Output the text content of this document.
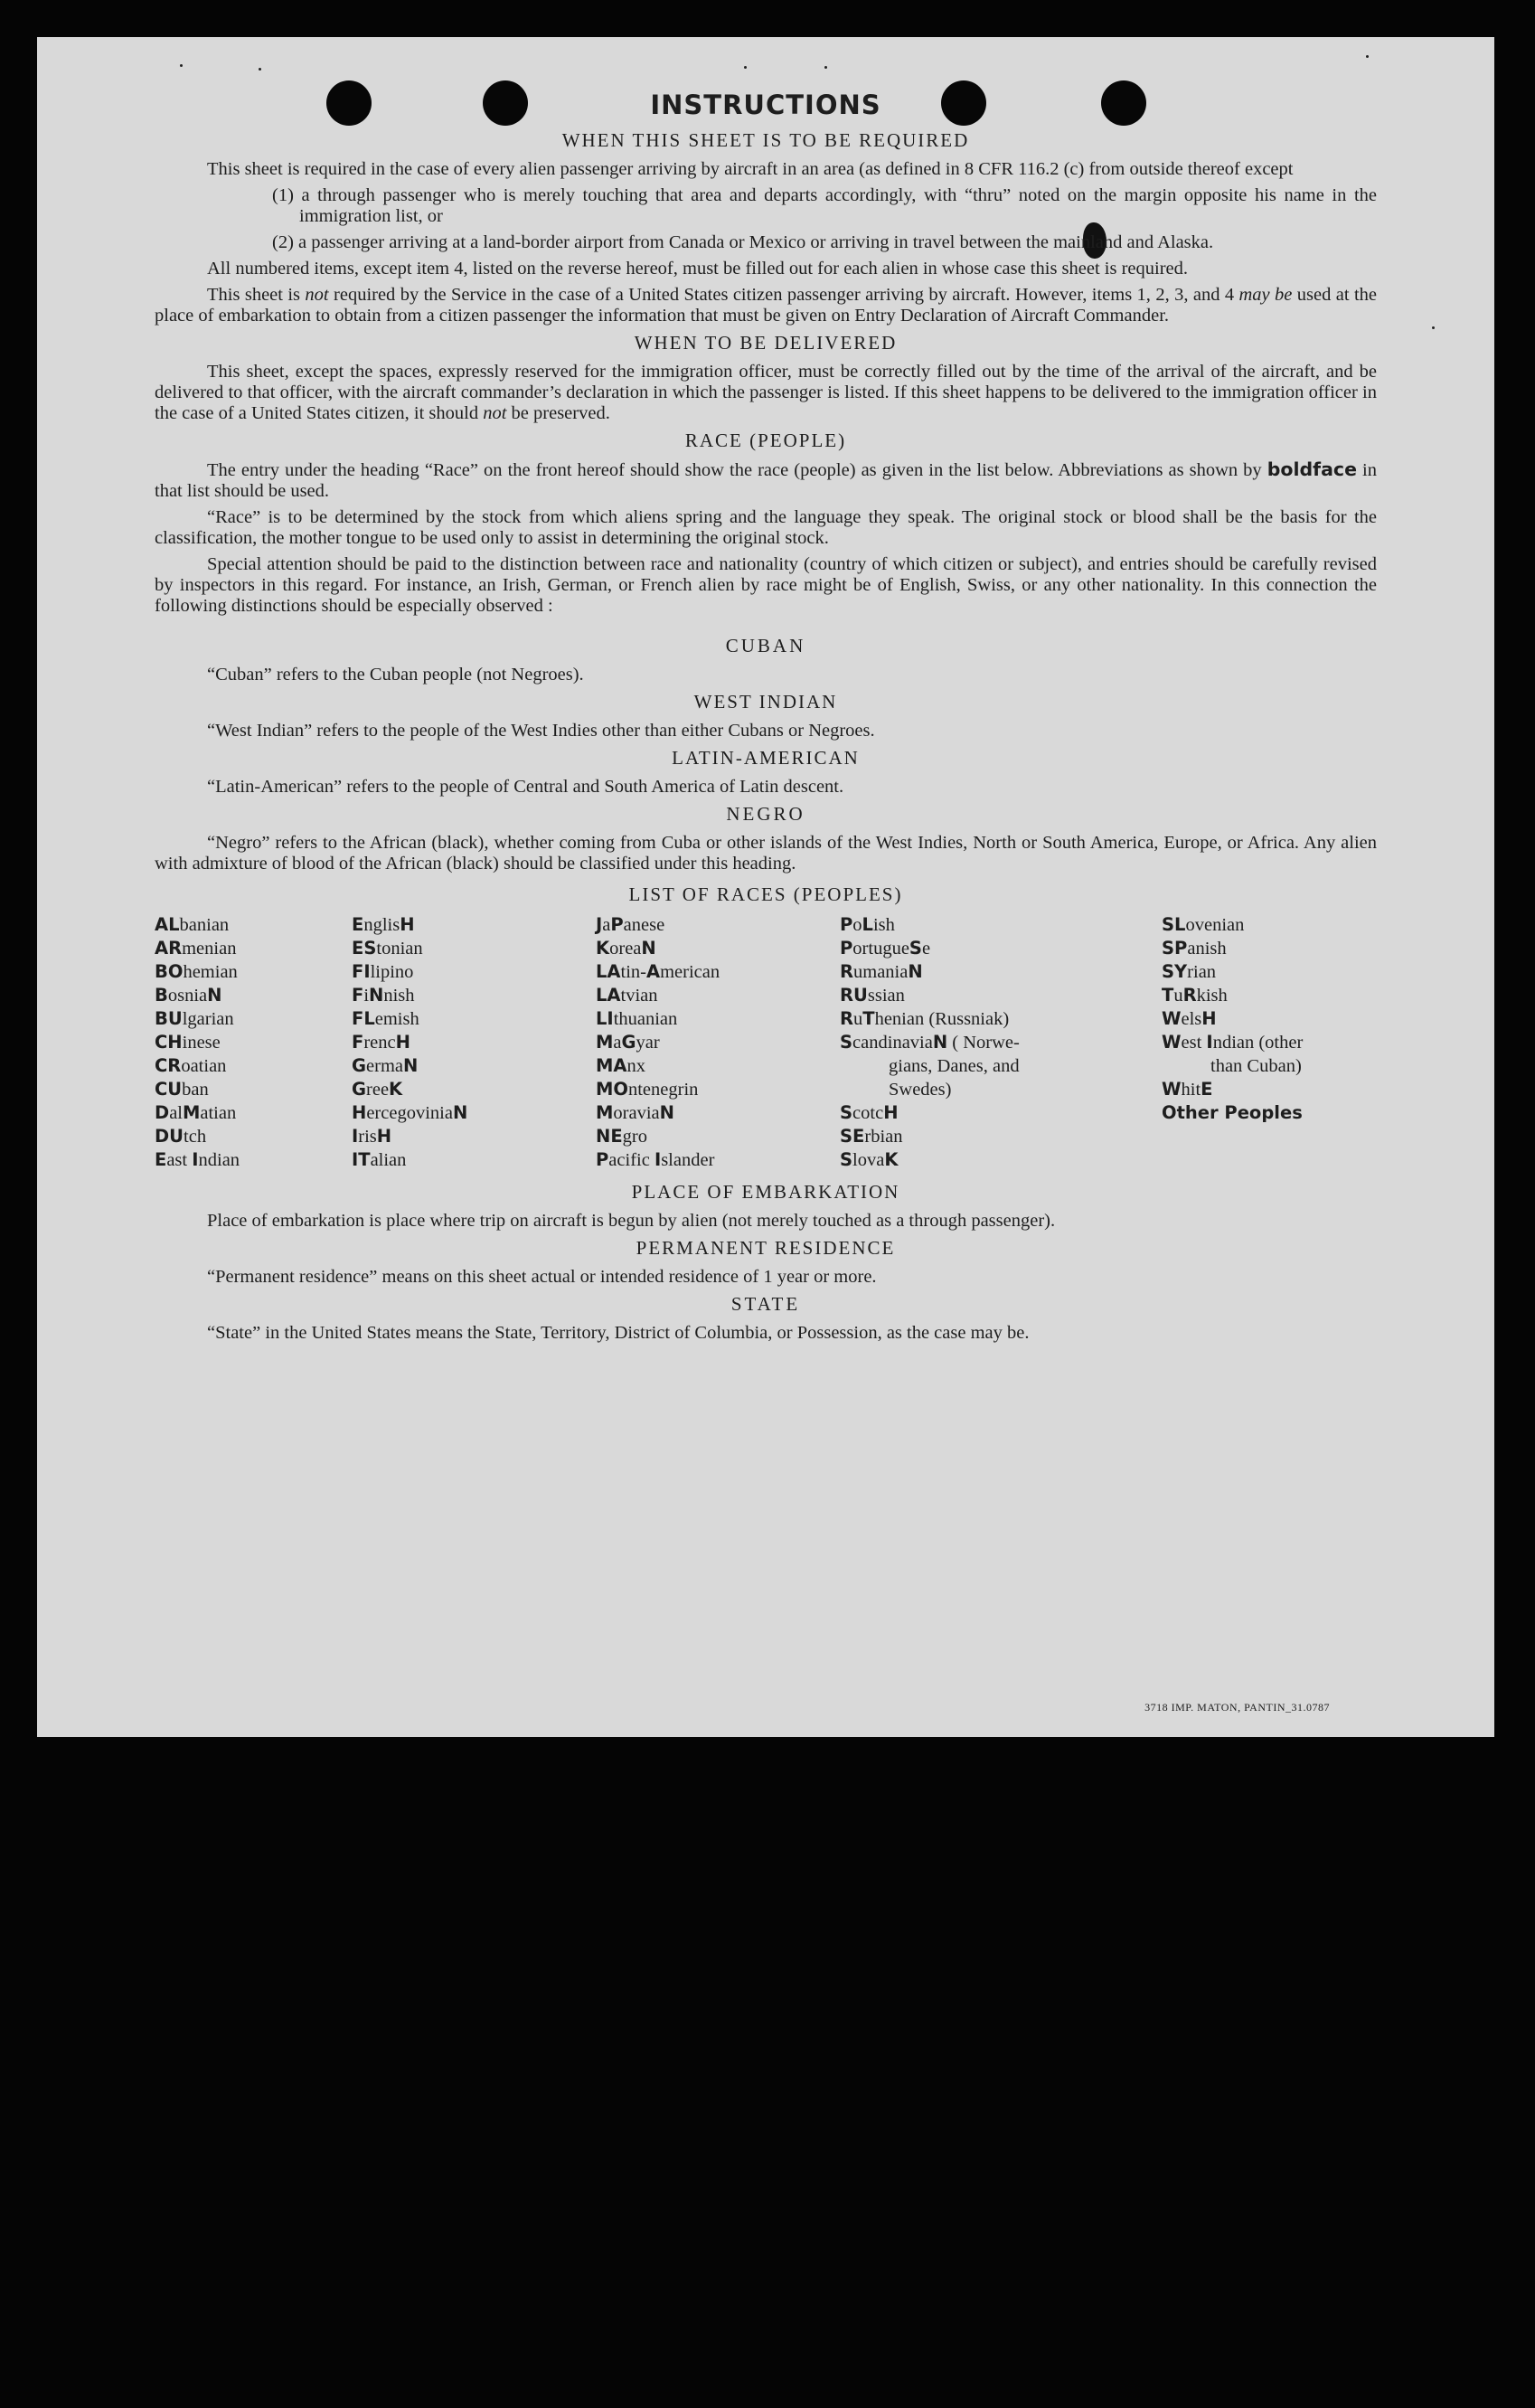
INSTRUCTIONS
WHEN THIS SHEET IS TO BE REQUIRED

This sheet is required in the case of every alien passenger arriving by aircraft in an area (as defined in 8 CFR 116.2 (c) from outside thereof except

(1) a through passenger who is merely touching that area and departs accordingly, with “thru” noted on the margin opposite his name in the immigration list, or

(2) a passenger arriving at a land-border airport from Canada or Mexico or arriving in travel between the mainland and Alaska.

All numbered items, except item 4, listed on the reverse hereof, must be filled out for each alien in whose case this sheet is required.

This sheet is not required by the Service in the case of a United States citizen passenger arriving by aircraft. However, items 1, 2, 3, and 4 may be used at the place of embarkation to obtain from a citizen passenger the information that must be given on Entry Declaration of Aircraft Commander.

WHEN TO BE DELIVERED

This sheet, except the spaces, expressly reserved for the immigration officer, must be correctly filled out by the time of the arrival of the aircraft, and be delivered to that officer, with the aircraft commander’s declaration in which the passenger is listed. If this sheet happens to be delivered to the immigration officer in the case of a United States citizen, it should not be preserved.

RACE (PEOPLE)

The entry under the heading “Race” on the front hereof should show the race (people) as given in the list below. Abbreviations as shown by boldface in that list should be used.

“Race” is to be determined by the stock from which aliens spring and the language they speak. The original stock or blood shall be the basis for the classification, the mother tongue to be used only to assist in determining the original stock.

Special attention should be paid to the distinction between race and nationality (country of which citizen or subject), and entries should be carefully revised by inspectors in this regard. For instance, an Irish, German, or French alien by race might be of English, Swiss, or any other nationality. In this connection the following distinctions should be especially observed :

CUBAN

“Cuban” refers to the Cuban people (not Negroes).

WEST INDIAN

“West Indian” refers to the people of the West Indies other than either Cubans or Negroes.

LATIN-AMERICAN

“Latin-American” refers to the people of Central and South America of Latin descent.

NEGRO

“Negro” refers to the African (black), whether coming from Cuba or other islands of the West Indies, North or South America, Europe, or Africa. Any alien with admixture of blood of the African (black) should be classified under this heading.

LIST OF RACES (PEOPLES)
ALbanian
ARmenian
BOhemian
BosniaN
BUlgarian
CHinese
CRoatian
CUban
DalMatian
DUtch
East Indian
EnglisH
EStonian
FIlipino
FiNnish
FLemish
FrencH
GermaN
GreeK
HercegoviniaN
IrisH
ITalian
JaPanese
KoreaN
LAtin-American
LAtvian
LIthuanian
MaGyar
MAnx
MOntenegrin
MoraviaN
NEgro
Pacific Islander
PoLish
PortugueSe
RumaniaN
RUssian
RuThenian (Russniak)
ScandinaviaN ( Norwe-
gians, Danes, and
Swedes)
ScotcH
SErbian
SlovaK
SLovenian
SPanish
SYrian
TuRkish
WelsH
West Indian (other
than Cuban)
WhitE
Other Peoples
PLACE OF EMBARKATION

Place of embarkation is place where trip on aircraft is begun by alien (not merely touched as a through passenger).

PERMANENT RESIDENCE

“Permanent residence” means on this sheet actual or intended residence of 1 year or more.

STATE

“State” in the United States means the State, Territory, District of Columbia, or Possession, as the case may be.

3718 IMP. MATON, PANTIN_31.0787
